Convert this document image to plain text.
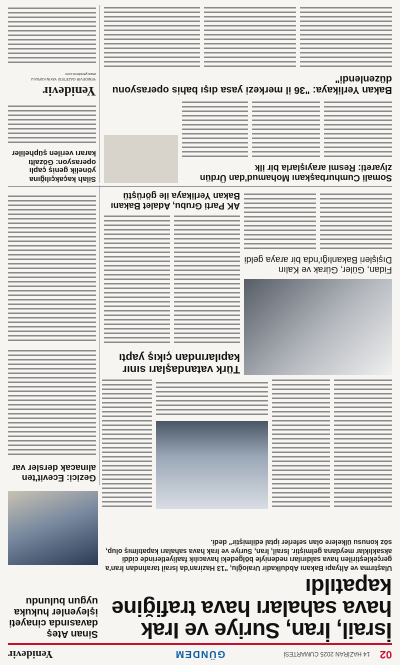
02
14 HAZİRAN 2025 CUMARTESİ
GÜNDEM
Yenidevir
İsrail, İran, Suriye ve Irak hava sahaları hava trafiğine kapatıldı
Ulaştırma ve Altyapı Bakanı Abdulkadir Uraloğlu, "13 Haziran'da İsrail tarafından İran'a gerçekleştirilen hava saldırıları nedeniyle bölgedeki havacılık faaliyetlerinde ciddi aksaklıklar meydana gelmiştir. İsrail, İran, Suriye ve Irak hava sahaları kapatılmış olup, söz konusu ülkelere olan seferler iptal edilmiştir" dedi.
Sinan Ateş davasında cinayeti işleyenler hukuka uygun bulundu
Gezici: Ecevit'ten alınacak dersler var
Türk vatandaşları sınır kapılarından çıkış yaptı
Fidan, Güler, Gürak ve Kalın Dışişleri Bakanlığı'nda bir araya geldi
AK Parti Grubu, Adalet Bakanı Bakan Yerlikaya ile görüştü
Somali Cumhurbaşkanı Mohamud'dan Ürdün ziyareti: Resmi arayışlarla bir ilk
Bakan Yerlikaya: "36 il merkezi yasa dışı bahis operasyonu düzenlendi"
Silah kaçakçılığına yönelik geniş çaplı operasyon: Gözaltı kararı verilen şüpheliler
Yenidevir
YENİDEVİR GAZETESİ YAYIN KURULU
www.yenidevir.com
